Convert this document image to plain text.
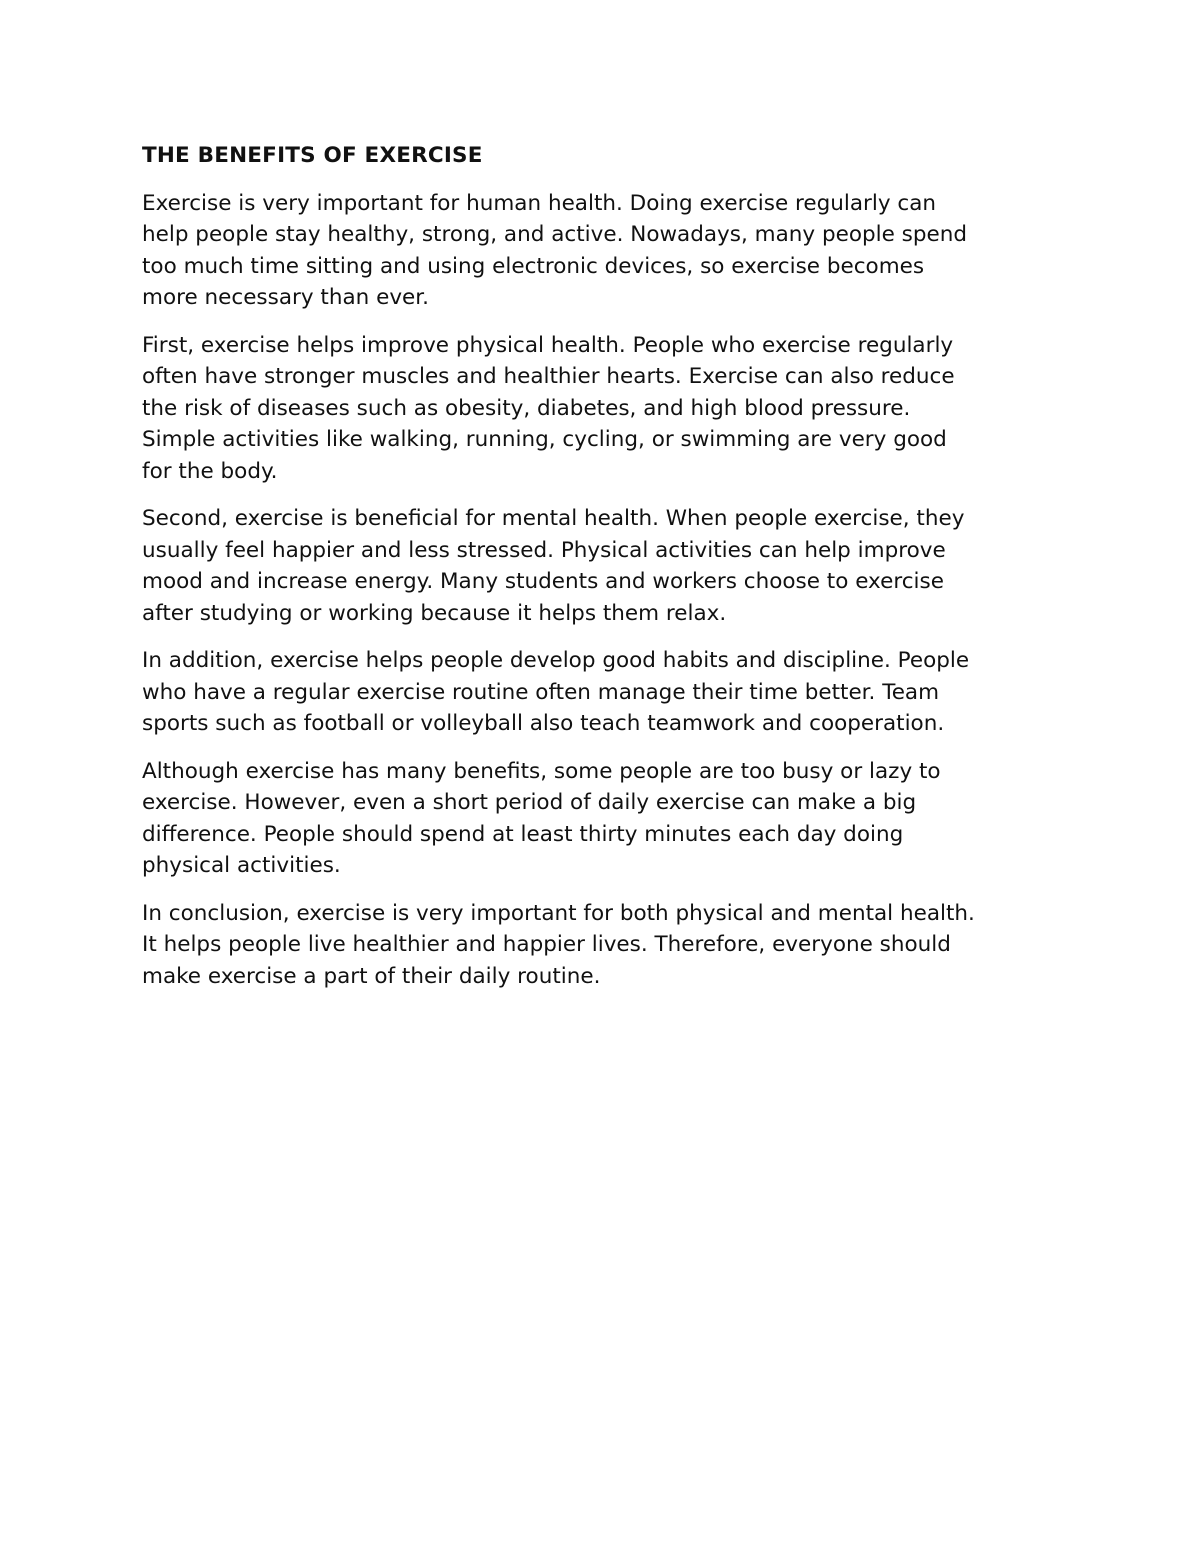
THE BENEFITS OF EXERCISE

Exercise is very important for human health. Doing exercise regularly can
help people stay healthy, strong, and active. Nowadays, many people spend
too much time sitting and using electronic devices, so exercise becomes
more necessary than ever.

First, exercise helps improve physical health. People who exercise regularly
often have stronger muscles and healthier hearts. Exercise can also reduce
the risk of diseases such as obesity, diabetes, and high blood pressure.
Simple activities like walking, running, cycling, or swimming are very good
for the body.

Second, exercise is beneficial for mental health. When people exercise, they
usually feel happier and less stressed. Physical activities can help improve
mood and increase energy. Many students and workers choose to exercise
after studying or working because it helps them relax.

In addition, exercise helps people develop good habits and discipline. People
who have a regular exercise routine often manage their time better. Team
sports such as football or volleyball also teach teamwork and cooperation.

Although exercise has many benefits, some people are too busy or lazy to
exercise. However, even a short period of daily exercise can make a big
difference. People should spend at least thirty minutes each day doing
physical activities.

In conclusion, exercise is very important for both physical and mental health.
It helps people live healthier and happier lives. Therefore, everyone should
make exercise a part of their daily routine.
